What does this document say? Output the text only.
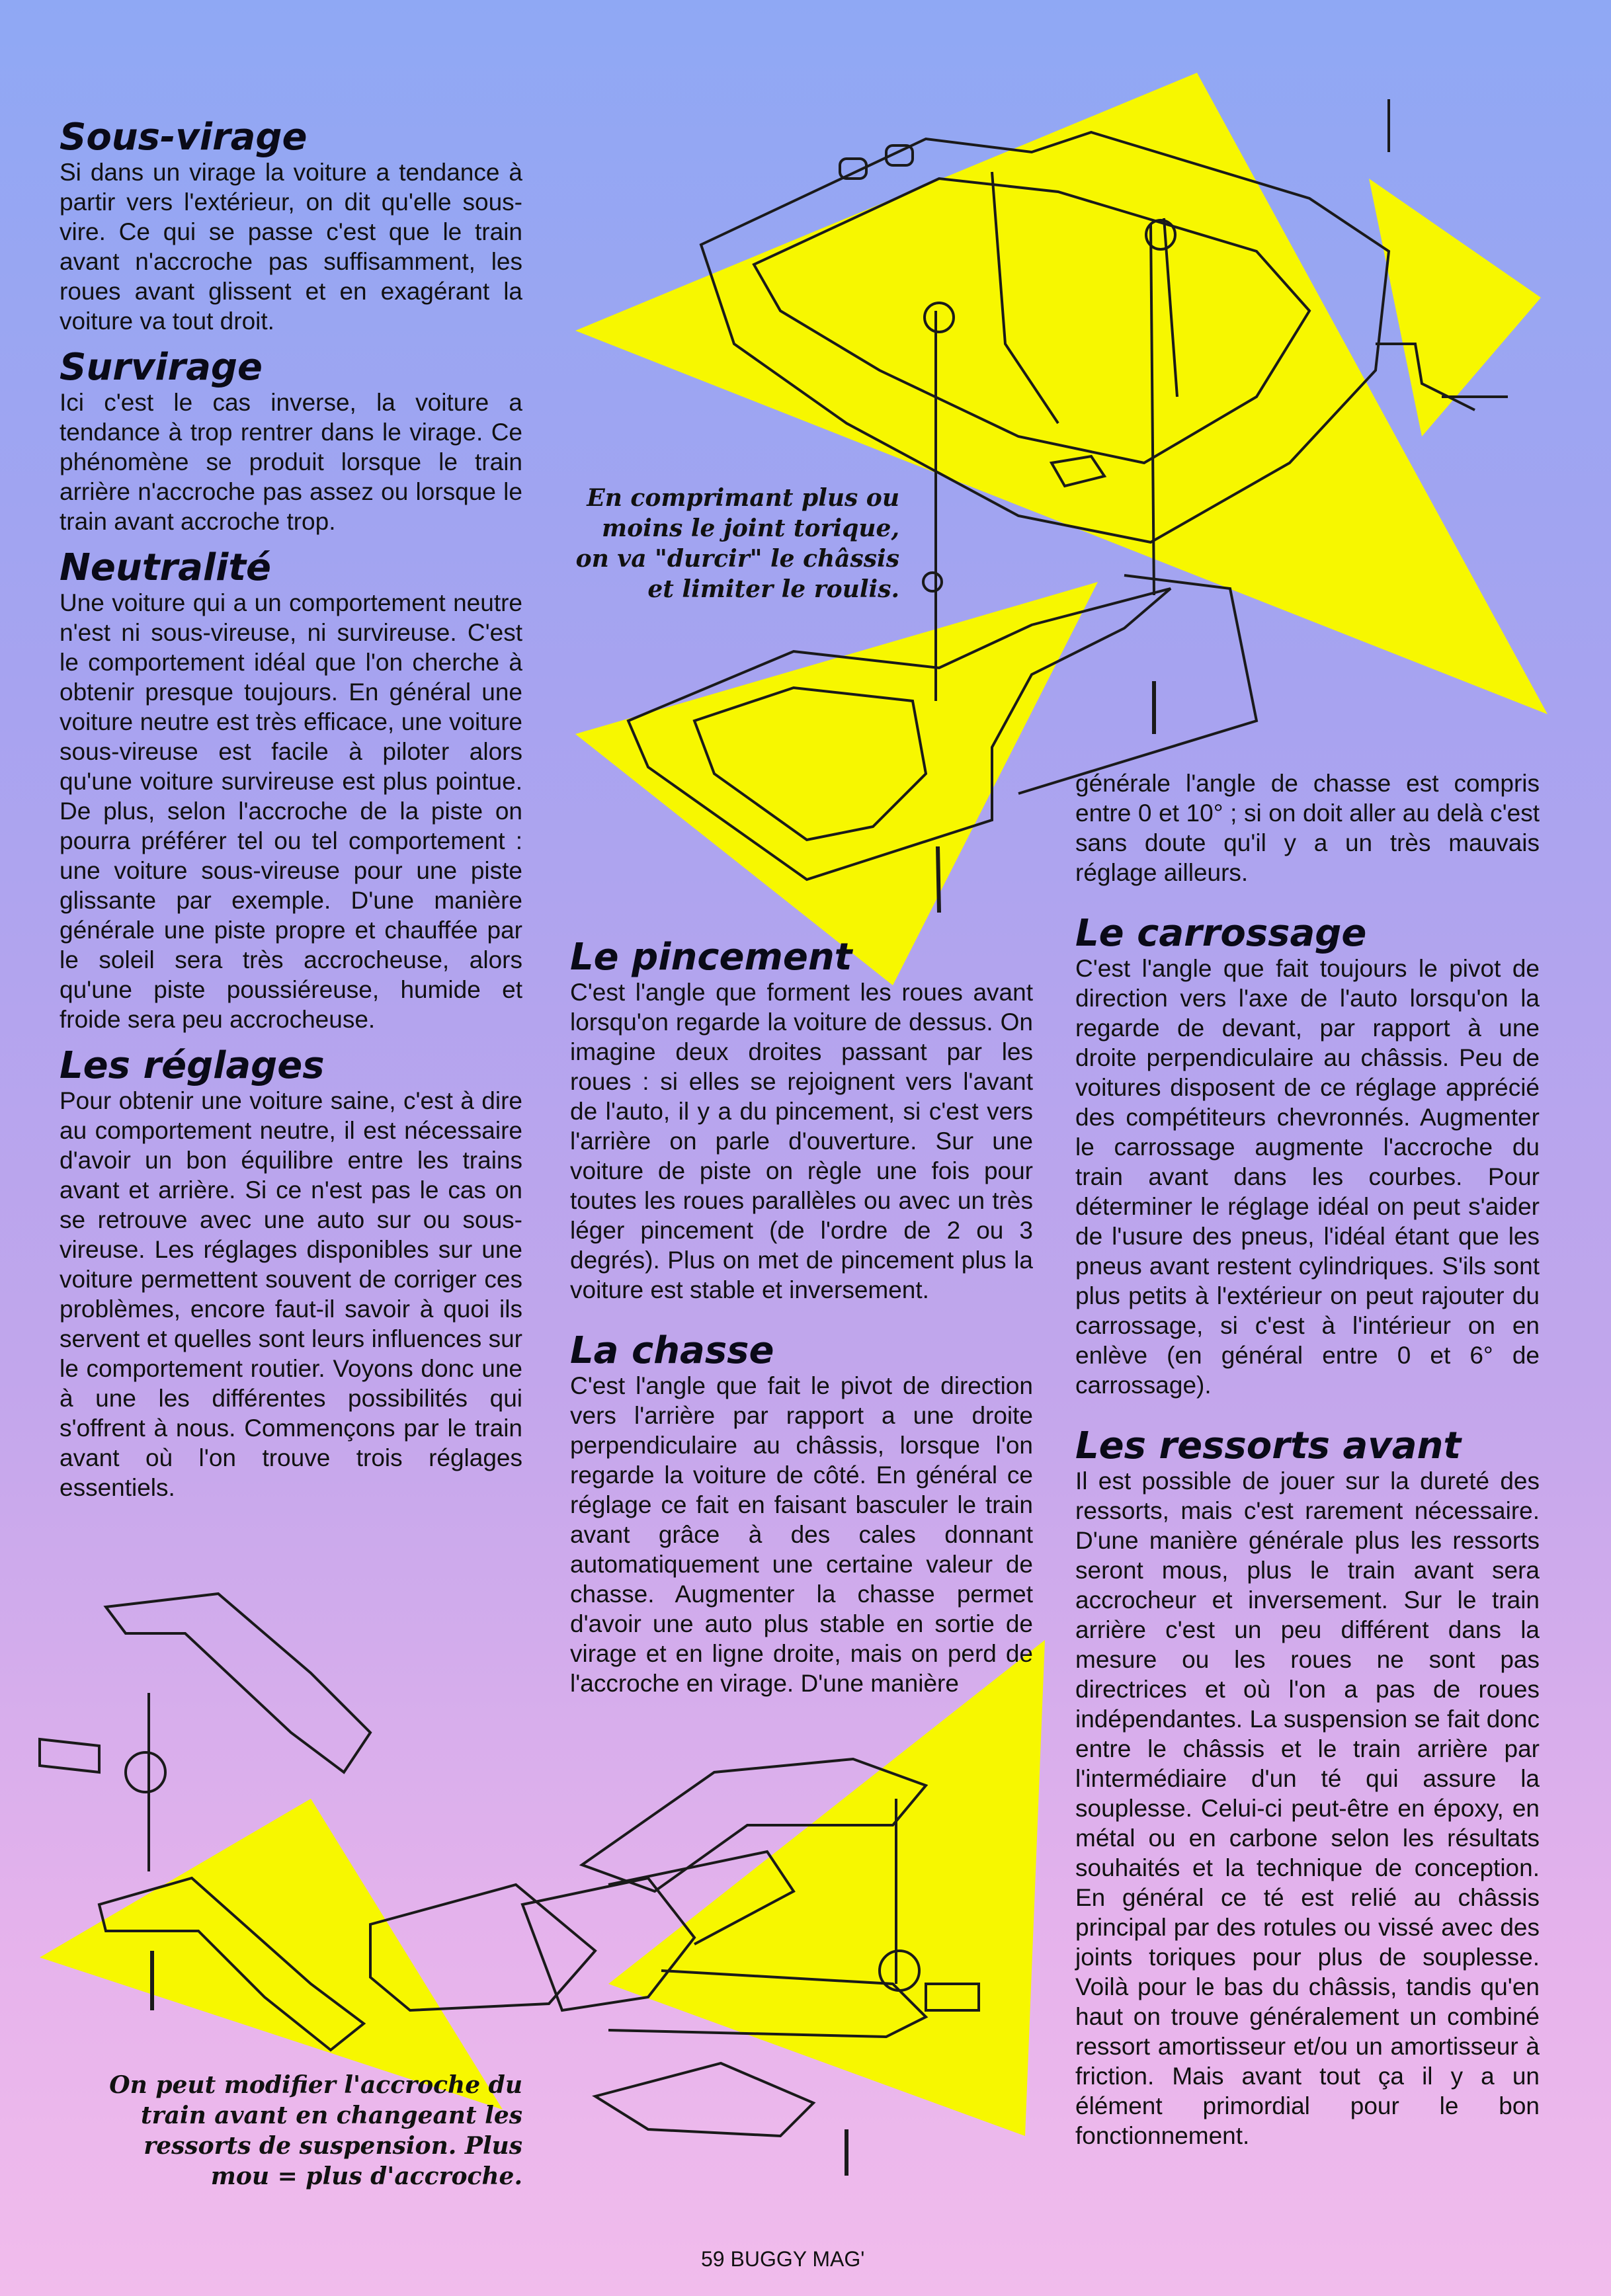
Sous-virage

Si dans un virage la voiture a tendance à partir vers l'extérieur, on dit qu'elle sous-vire. Ce qui se passe c'est que le train avant n'accroche pas suffisamment, les roues avant glissent et en exagérant la voiture va tout droit.

Survirage

Ici c'est le cas inverse, la voiture a tendance à trop rentrer dans le virage. Ce phénomène se produit lorsque le train arrière n'accroche pas assez ou lorsque le train avant accroche trop.

Neutralité

Une voiture qui a un comportement neutre n'est ni sous-vireuse, ni survireuse. C'est le comportement idéal que l'on cherche à obtenir presque toujours. En général une voiture neutre est très efficace, une voiture sous-vireuse est facile à piloter alors qu'une voiture survireuse est plus pointue. De plus, selon l'accroche de la piste on pourra préférer tel ou tel comportement : une voiture sous-vireuse pour une piste glissante par exemple. D'une manière générale une piste propre et chauffée par le soleil sera très accrocheuse, alors qu'une piste poussiéreuse, humide et froide sera peu accrocheuse.

Les réglages

Pour obtenir une voiture saine, c'est à dire au comportement neutre, il est nécessaire d'avoir un bon équilibre entre les trains avant et arrière. Si ce n'est pas le cas on se retrouve avec une auto sur ou sous-vireuse. Les réglages disponibles sur une voiture permettent souvent de corriger ces problèmes, encore faut-il savoir à quoi ils servent et quelles sont leurs influences sur le comportement routier. Voyons donc une à une les différentes possibilités qui s'offrent à nous. Commençons par le train avant où l'on trouve trois réglages essentiels.

Le pincement

C'est l'angle que forment les roues avant lorsqu'on regarde la voiture de dessus. On imagine deux droites passant par les roues : si elles se rejoignent vers l'avant de l'auto, il y a du pincement, si c'est vers l'arrière on parle d'ouverture. Sur une voiture de piste on règle une fois pour toutes les roues parallèles ou avec un très léger pincement (de l'ordre de 2 ou 3 degrés). Plus on met de pincement plus la voiture est stable et inversement.

La chasse

C'est l'angle que fait le pivot de direction vers l'arrière par rapport a une droite perpendiculaire au châssis, lorsque l'on regarde la voiture de côté. En général ce réglage ce fait en faisant basculer le train avant grâce à des cales donnant automatiquement une certaine valeur de chasse. Augmenter la chasse permet d'avoir une auto plus stable en sortie de virage et en ligne droite, mais on perd de l'accroche en virage. D'une manière

générale l'angle de chasse est compris entre 0 et 10° ; si on doit aller au delà c'est sans doute qu'il y a un très mauvais réglage ailleurs.

Le carrossage

C'est l'angle que fait toujours le pivot de direction vers l'axe de l'auto lorsqu'on la regarde de devant, par rapport à une droite perpendiculaire au châssis. Peu de voitures disposent de ce réglage apprécié des compétiteurs chevronnés. Augmenter le carrossage augmente l'accroche du train avant dans les courbes. Pour déterminer le réglage idéal on peut s'aider de l'usure des pneus, l'idéal étant que les pneus avant restent cylindriques. S'ils sont plus petits à l'extérieur on peut rajouter du carrossage, si c'est à l'intérieur on en enlève (en général entre 0 et 6° de carrossage).

Les ressorts avant

Il est possible de jouer sur la dureté des ressorts, mais c'est rarement nécessaire. D'une manière générale plus les ressorts seront mous, plus le train avant sera accrocheur et inversement. Sur le train arrière c'est un peu différent dans la mesure ou les roues ne sont pas directrices et où l'on a pas de roues indépendantes. La suspension se fait donc entre le châssis et le train arrière par l'intermédiaire d'un té qui assure la souplesse. Celui-ci peut-être en époxy, en métal ou en carbone selon les résultats souhaités et la technique de conception. En général ce té est relié au châssis principal par des rotules ou vissé avec des joints toriques pour plus de souplesse. Voilà pour le bas du châssis, tandis qu'en haut on trouve généralement un combiné ressort amortisseur et/ou un amortisseur à friction. Mais avant tout ça il y a un élément primordial pour le bon fonctionnement.

En comprimant plus ou moins le joint torique, on va "durcir" le châssis et limiter le roulis.
On peut modifier l'accroche du train avant en changeant les ressorts de suspension. Plus mou = plus d'accroche.
59 BUGGY MAG'
